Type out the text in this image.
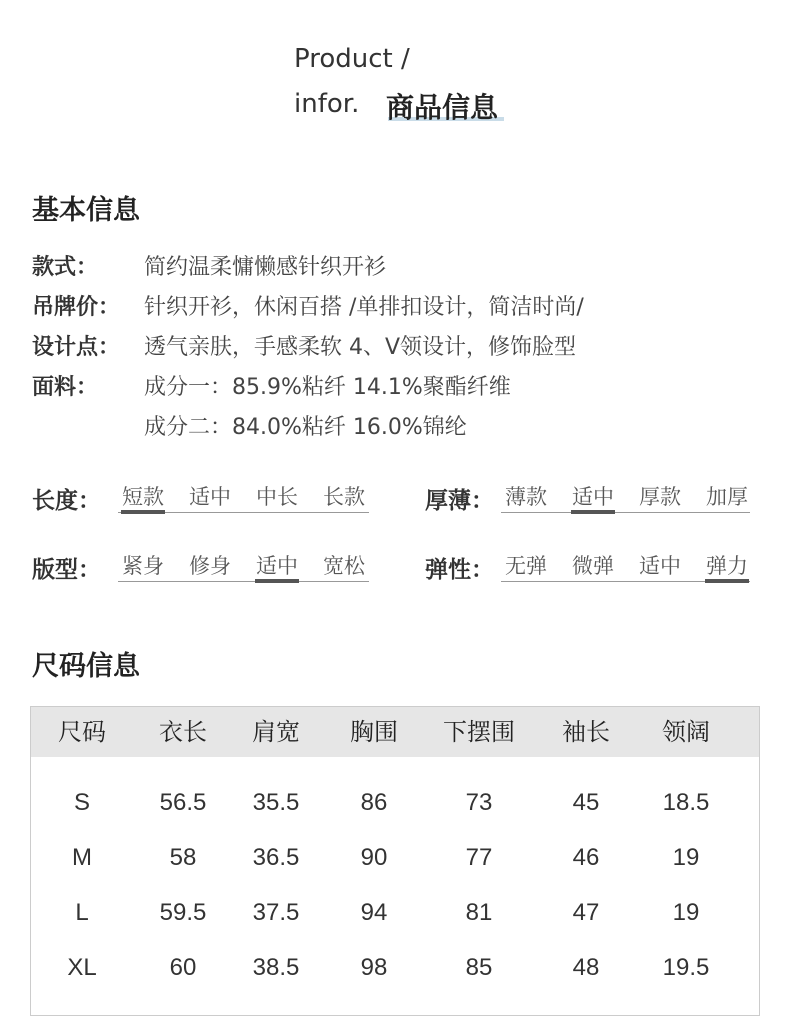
Product /
infor. 商品信息
基本信息
款式： 简约温柔慵懒感针织开衫
吊牌价： 针织开衫，休闲百搭 /单排扣设计，简洁时尚/
设计点： 透气亲肤，手感柔软 4、V领设计，修饰脸型
面料： 成分一：85.9%粘纤 14.1%聚酯纤维
成分二：84.0%粘纤 16.0%锦纶
长度：	短款	适中	中长	长款	厚薄： 薄款	适中	厚款	加厚
版型：	紧身	修身	适中	宽松	弹性： 无弹	微弹	适中	弹力
尺码信息
尺码	衣长	肩宽	胸围	下摆围	袖长	领阔
S	56.5	35.5	86	73	45	18.5
M	58	36.5	90	77	46	19
L	59.5	37.5	94	81	47	19
XL	60	38.5	98	85	48	19.5
